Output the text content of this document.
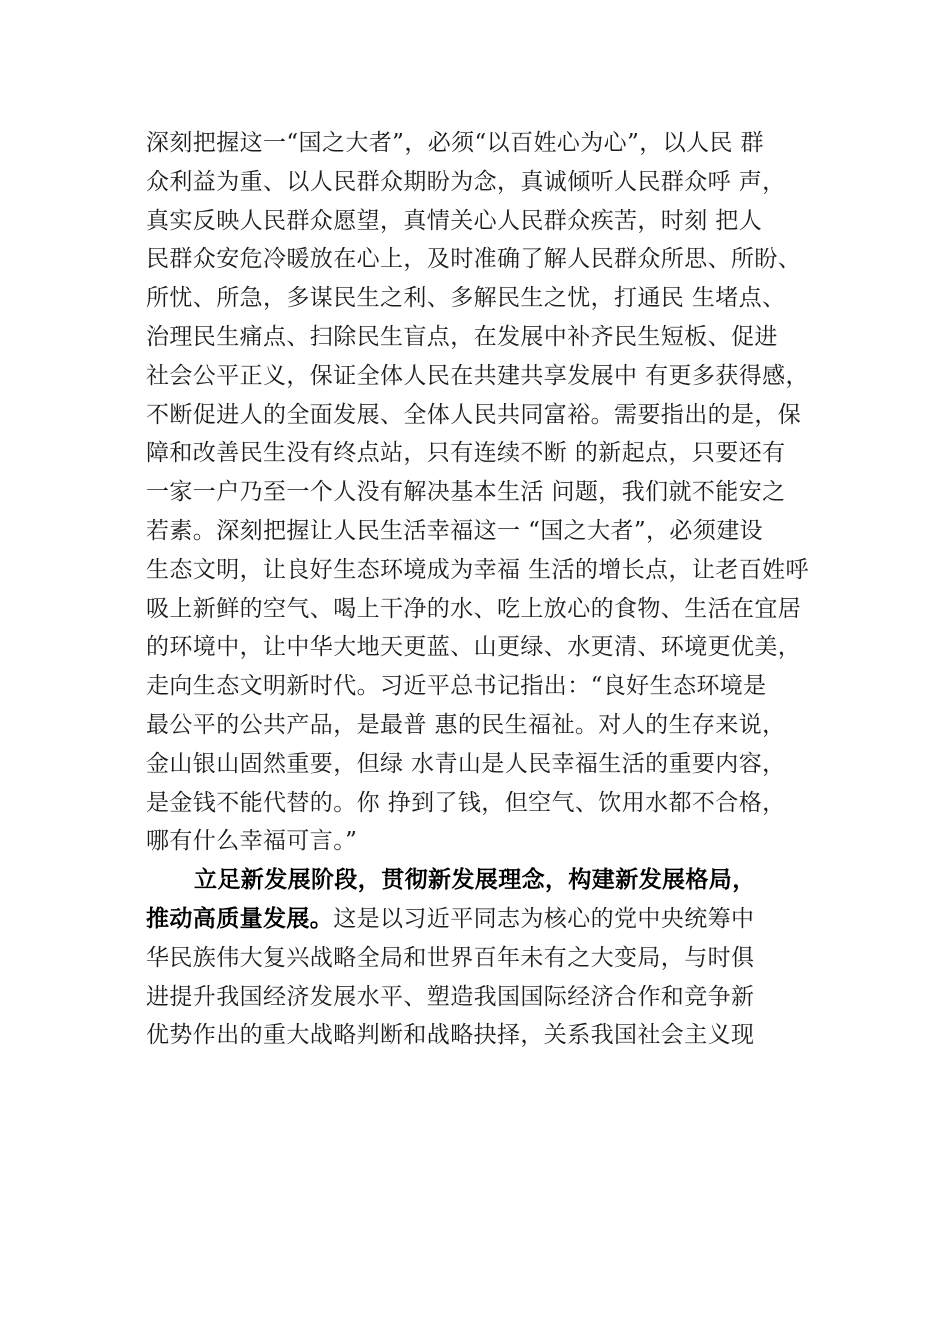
深刻把握这一“国之大者”，必须“以百姓心为心”，以人民 群
众利益为重、以人民群众期盼为念，真诚倾听人民群众呼 声，
真实反映人民群众愿望，真情关心人民群众疾苦，时刻 把人
民群众安危冷暖放在心上，及时准确了解人民群众所思、所盼、
所忧、所急，多谋民生之利、多解民生之忧，打通民 生堵点、
治理民生痛点、扫除民生盲点，在发展中补齐民生短板、促进
社会公平正义，保证全体人民在共建共享发展中 有更多获得感，
不断促进人的全面发展、全体人民共同富裕。需要指出的是，保
障和改善民生没有终点站，只有连续不断 的新起点，只要还有
一家一户乃至一个人没有解决基本生活 问题，我们就不能安之
若素。深刻把握让人民生活幸福这一 “国之大者”，必须建设
生态文明，让良好生态环境成为幸福 生活的增长点，让老百姓呼
吸上新鲜的空气、喝上干净的水、吃上放心的食物、生活在宜居
的环境中，让中华大地天更蓝、山更绿、水更清、环境更优美，
走向生态文明新时代。习近平总书记指出：“良好生态环境是
最公平的公共产品，是最普 惠的民生福祉。对人的生存来说，
金山银山固然重要，但绿 水青山是人民幸福生活的重要内容，
是金钱不能代替的。你 挣到了钱，但空气、饮用水都不合格，
哪有什么幸福可言。”
立足新发展阶段，贯彻新发展理念，构建新发展格局，
推动高质量发展。这是以习近平同志为核心的党中央统筹中
华民族伟大复兴战略全局和世界百年未有之大变局，与时俱
进提升我国经济发展水平、塑造我国国际经济合作和竞争新
优势作出的重大战略判断和战略抉择，关系我国社会主义现
